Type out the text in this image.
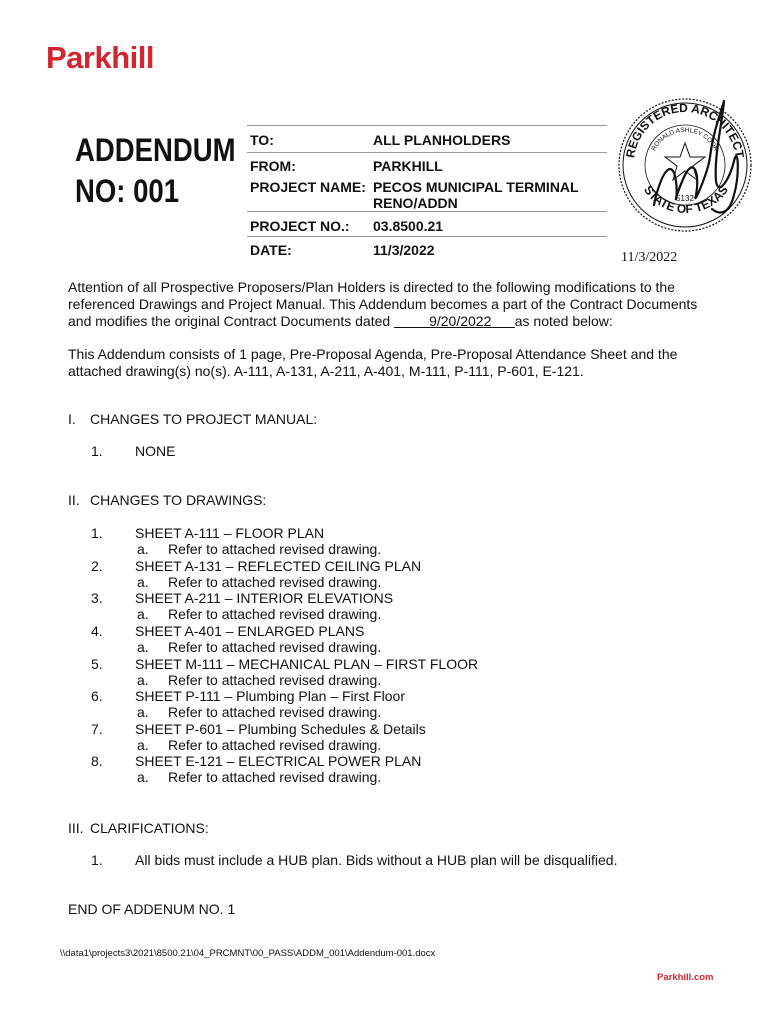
Parkhill
ADDENDUM
NO: 001
TO:	ALL PLANHOLDERS
FROM:	PARKHILL
PROJECT NAME: PECOS MUNICIPAL TERMINAL
RENO/ADDN
PROJECT NO.: 03.8500.21
DATE:	11/3/2022
REGISTERED ARCHITECT
RONALD ASHLEY COOK
STATE OF TEXAS
5132
11/3/2022
Attention of all Prospective Proposers/Plan Holders is directed to the following modifications to the
referenced Drawings and Project Manual. This Addendum becomes a part of the Contract Documents
and modifies the original Contract Documents dated	9/20/2022 as noted below:
This Addendum consists of 1 page, Pre-Proposal Agenda, Pre-Proposal Attendance Sheet and the
attached drawing(s) no(s). A-111, A-131, A-211, A-401, M-111, P-111, P-601, E-121.
I. CHANGES TO PROJECT MANUAL:
1. NONE
II. CHANGES TO DRAWINGS:
1. SHEET A-111 – FLOOR PLAN
a. Refer to attached revised drawing.
2. SHEET A-131 – REFLECTED CEILING PLAN
a. Refer to attached revised drawing.
3. SHEET A-211 – INTERIOR ELEVATIONS
a. Refer to attached revised drawing.
4. SHEET A-401 – ENLARGED PLANS
a. Refer to attached revised drawing.
5. SHEET M-111 – MECHANICAL PLAN – FIRST FLOOR
a. Refer to attached revised drawing.
6. SHEET P-111 – Plumbing Plan – First Floor
a. Refer to attached revised drawing.
7. SHEET P-601 – Plumbing Schedules & Details
a. Refer to attached revised drawing.
8. SHEET E-121 – ELECTRICAL POWER PLAN
a. Refer to attached revised drawing.
III. CLARIFICATIONS:
1. All bids must include a HUB plan. Bids without a HUB plan will be disqualified.
END OF ADDENUM NO. 1
\\data1\projects3\2021\8500.21\04_PRCMNT\00_PASS\ADDM_001\Addendum-001.docx
Parkhill.com
